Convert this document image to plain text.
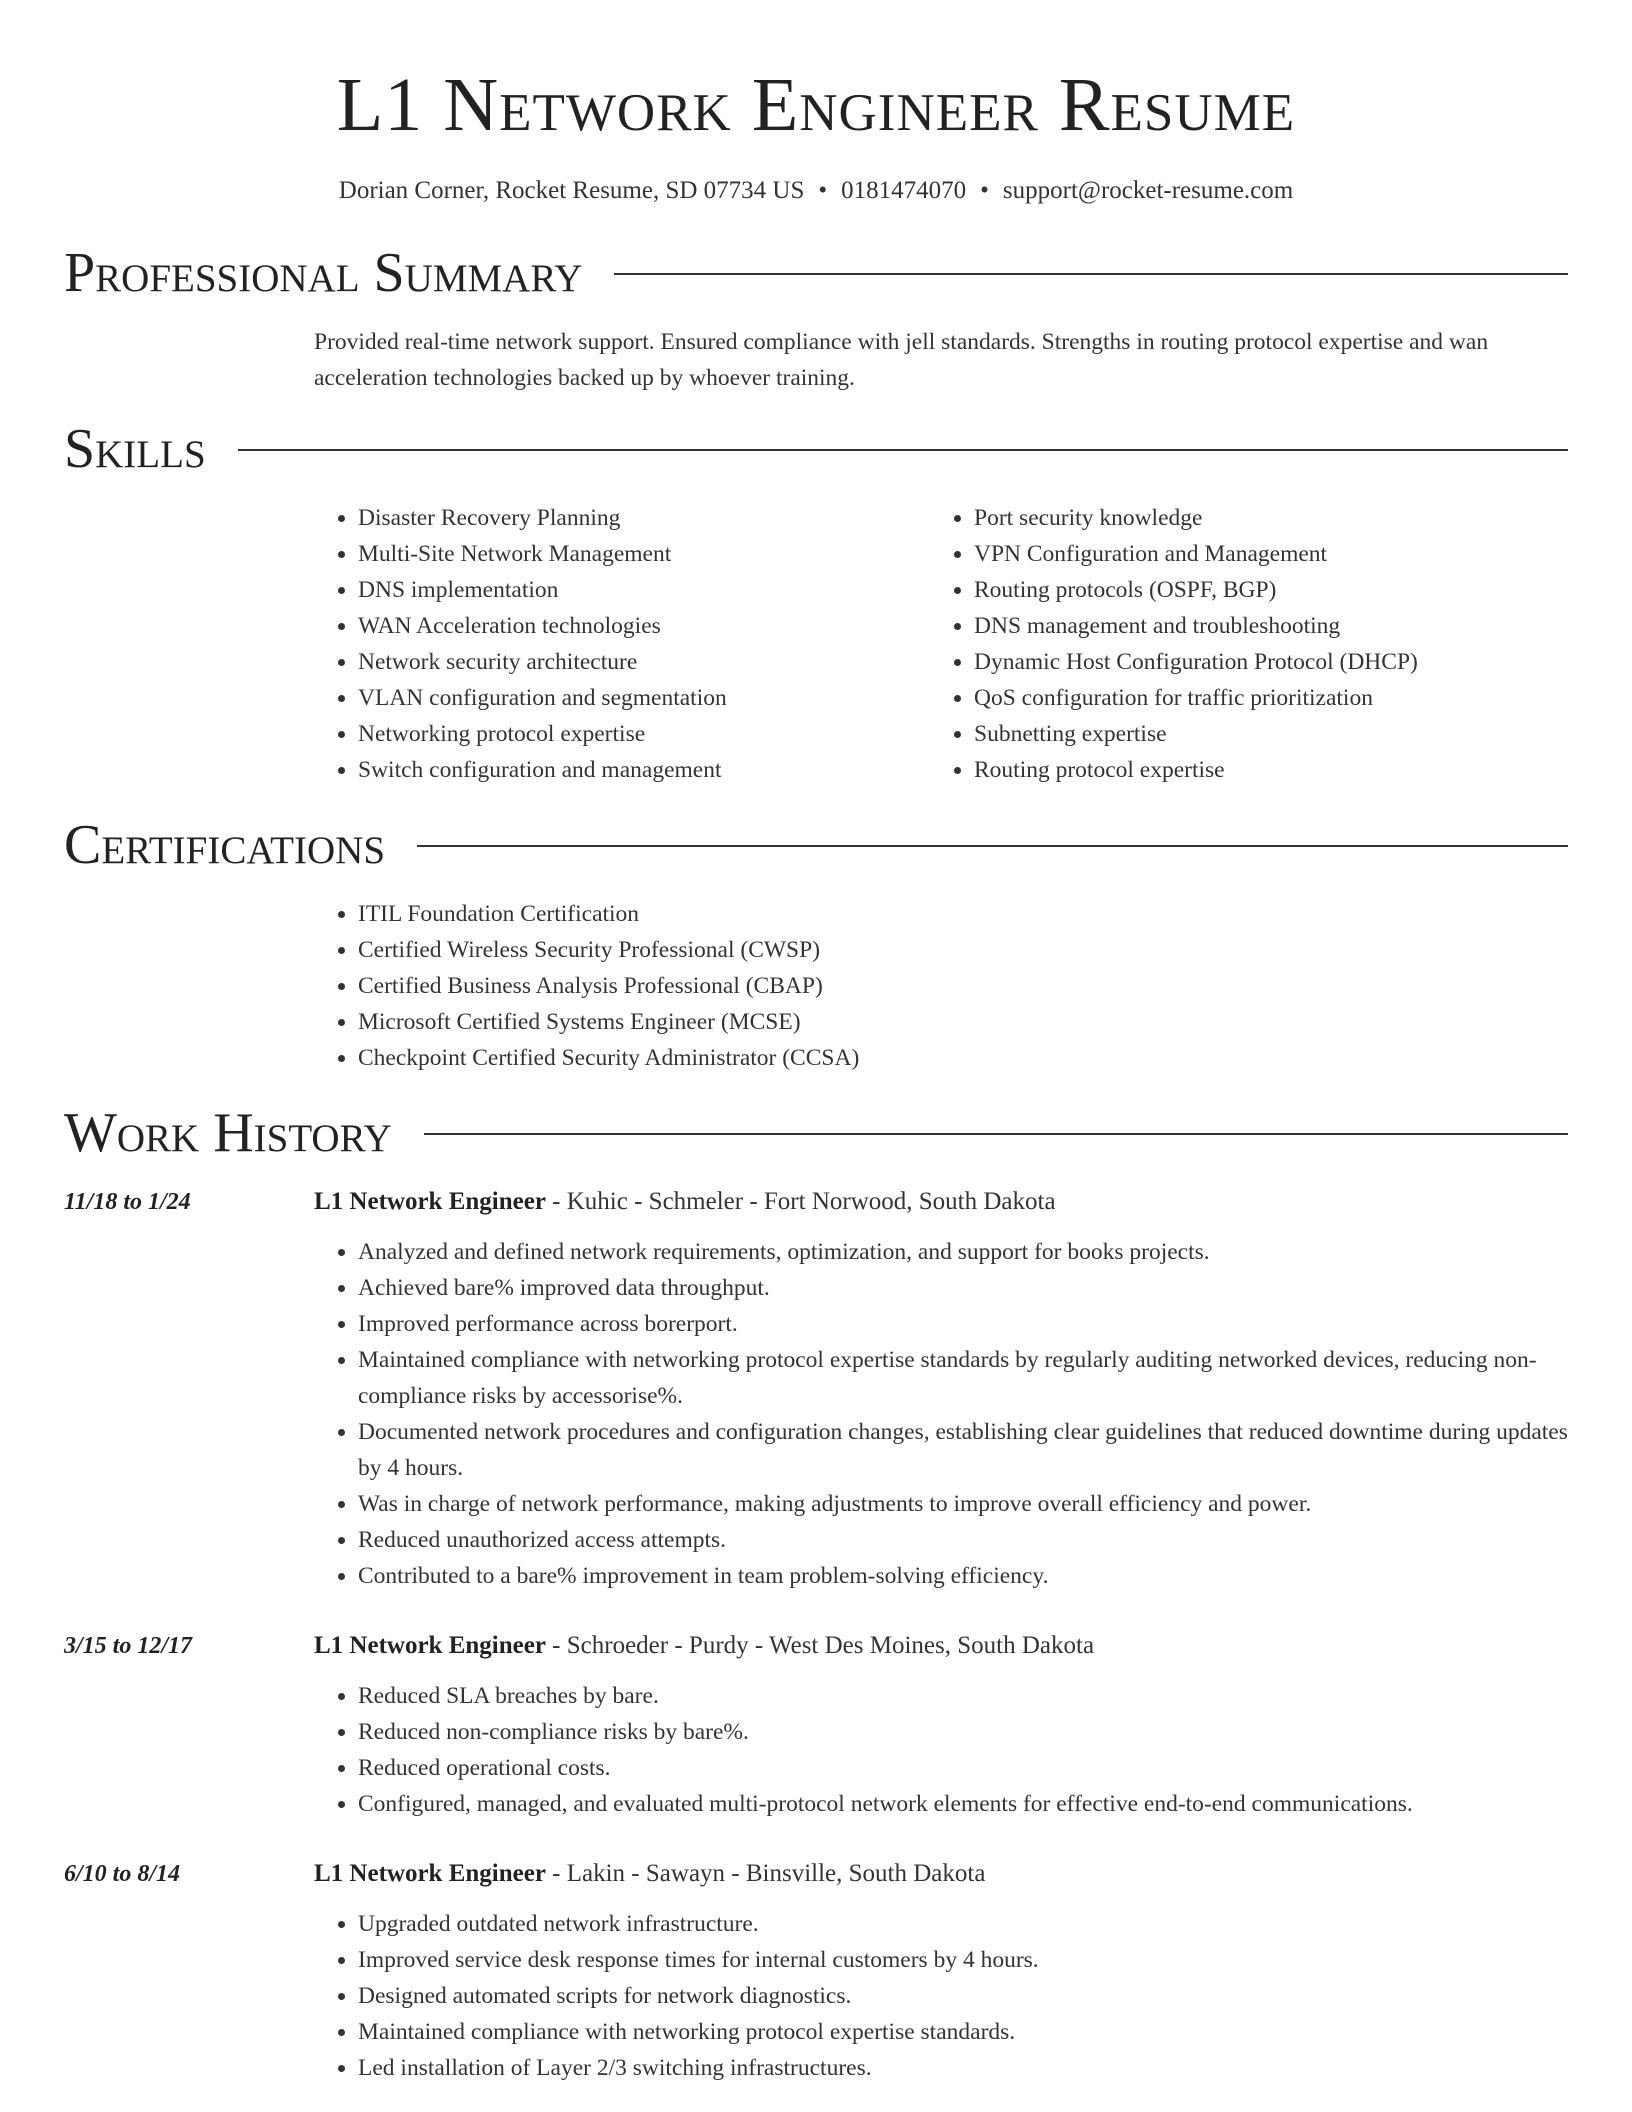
L1 Network Engineer Resume
Dorian Corner, Rocket Resume, SD 07734 US • 0181474070 • support@rocket-resume.com
Professional Summary
Provided real-time network support. Ensured compliance with jell standards. Strengths in routing protocol expertise and wan acceleration technologies backed up by whoever training.
Skills
• Disaster Recovery Planning
• Multi-Site Network Management
• DNS implementation
• WAN Acceleration technologies
• Network security architecture
• VLAN configuration and segmentation
• Networking protocol expertise
• Switch configuration and management
• Port security knowledge
• VPN Configuration and Management
• Routing protocols (OSPF, BGP)
• DNS management and troubleshooting
• Dynamic Host Configuration Protocol (DHCP)
• QoS configuration for traffic prioritization
• Subnetting expertise
• Routing protocol expertise
Certifications
• ITIL Foundation Certification
• Certified Wireless Security Professional (CWSP)
• Certified Business Analysis Professional (CBAP)
• Microsoft Certified Systems Engineer (MCSE)
• Checkpoint Certified Security Administrator (CCSA)
Work History
11/18 to 1/24	L1 Network Engineer - Kuhic - Schmeler - Fort Norwood, South Dakota
• Analyzed and defined network requirements, optimization, and support for books projects.
• Achieved bare% improved data throughput.
• Improved performance across borerport.
• Maintained compliance with networking protocol expertise standards by regularly auditing networked devices, reducing non-compliance risks by accessorise%.
• Documented network procedures and configuration changes, establishing clear guidelines that reduced downtime during updates by 4 hours.
• Was in charge of network performance, making adjustments to improve overall efficiency and power.
• Reduced unauthorized access attempts.
• Contributed to a bare% improvement in team problem-solving efficiency.
3/15 to 12/17	L1 Network Engineer - Schroeder - Purdy - West Des Moines, South Dakota
• Reduced SLA breaches by bare.
• Reduced non-compliance risks by bare%.
• Reduced operational costs.
• Configured, managed, and evaluated multi-protocol network elements for effective end-to-end communications.
6/10 to 8/14	L1 Network Engineer - Lakin - Sawayn - Binsville, South Dakota
• Upgraded outdated network infrastructure.
• Improved service desk response times for internal customers by 4 hours.
• Designed automated scripts for network diagnostics.
• Maintained compliance with networking protocol expertise standards.
• Led installation of Layer 2/3 switching infrastructures.
